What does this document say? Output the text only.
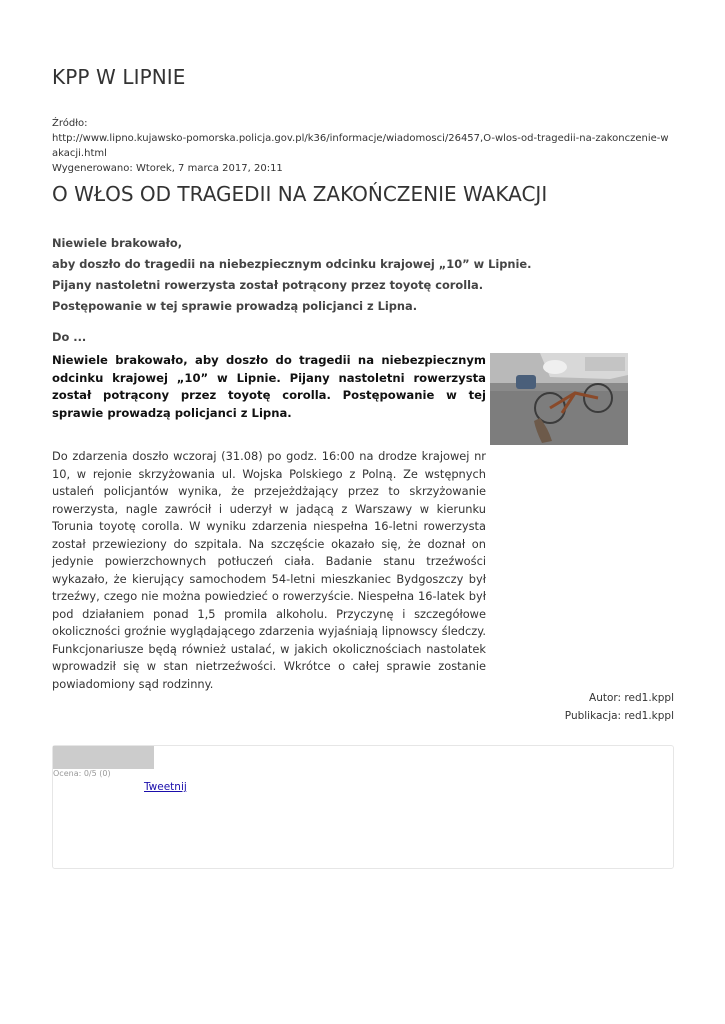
KPP W LIPNIE
Źródło:
http://www.lipno.kujawsko-pomorska.policja.gov.pl/k36/informacje/wiadomosci/26457,O-wlos-od-tragedii-na-zakonczenie-wakacji.html
Wygenerowano: Wtorek, 7 marca 2017, 20:11
O WŁOS OD TRAGEDII NA ZAKOŃCZENIE WAKACJI

Niewiele brakowało,
aby doszło do tragedii na niebezpiecznym odcinku krajowej „10” w Lipnie. Pijany nastoletni rowerzysta został potrącony przez toyotę corolla. Postępowanie w tej sprawie prowadzą policjanci z Lipna.

Do ...

Niewiele brakowało, aby doszło do tragedii na niebezpiecznym odcinku krajowej „10” w Lipnie. Pijany nastoletni rowerzysta został potrącony przez toyotę corolla. Postępowanie w tej sprawie prowadzą policjanci z Lipna.

Do zdarzenia doszło wczoraj (31.08) po godz. 16:00 na drodze krajowej nr 10, w rejonie skrzyżowania ul. Wojska Polskiego z Polną. Ze wstępnych ustaleń policjantów wynika, że przejeżdżający przez to skrzyżowanie rowerzysta, nagle zawrócił i uderzył w jadącą z Warszawy w kierunku Torunia toyotę corolla. W wyniku zdarzenia niespełna 16-letni rowerzysta został przewieziony do szpitala. Na szczęście okazało się, że doznał on jedynie powierzchownych potłuczeń ciała. Badanie stanu trzeźwości wykazało, że kierujący samochodem 54-letni mieszkaniec Bydgoszczy był trzeźwy, czego nie można powiedzieć o rowerzyście. Niespełna 16-latek był pod działaniem ponad 1,5 promila alkoholu. Przyczynę i szczegółowe okoliczności groźnie wyglądającego zdarzenia wyjaśniają lipnowscy śledczy. Funkcjonariusze będą również ustalać, w jakich okolicznościach nastolatek wprowadził się w stan nietrzeźwości. Wkrótce o całej sprawie zostanie powiadomiony sąd rodzinny.

Autor: red1.kppl
Publikacja: red1.kppl
Ocena: 0/5 (0)
Tweetnij
